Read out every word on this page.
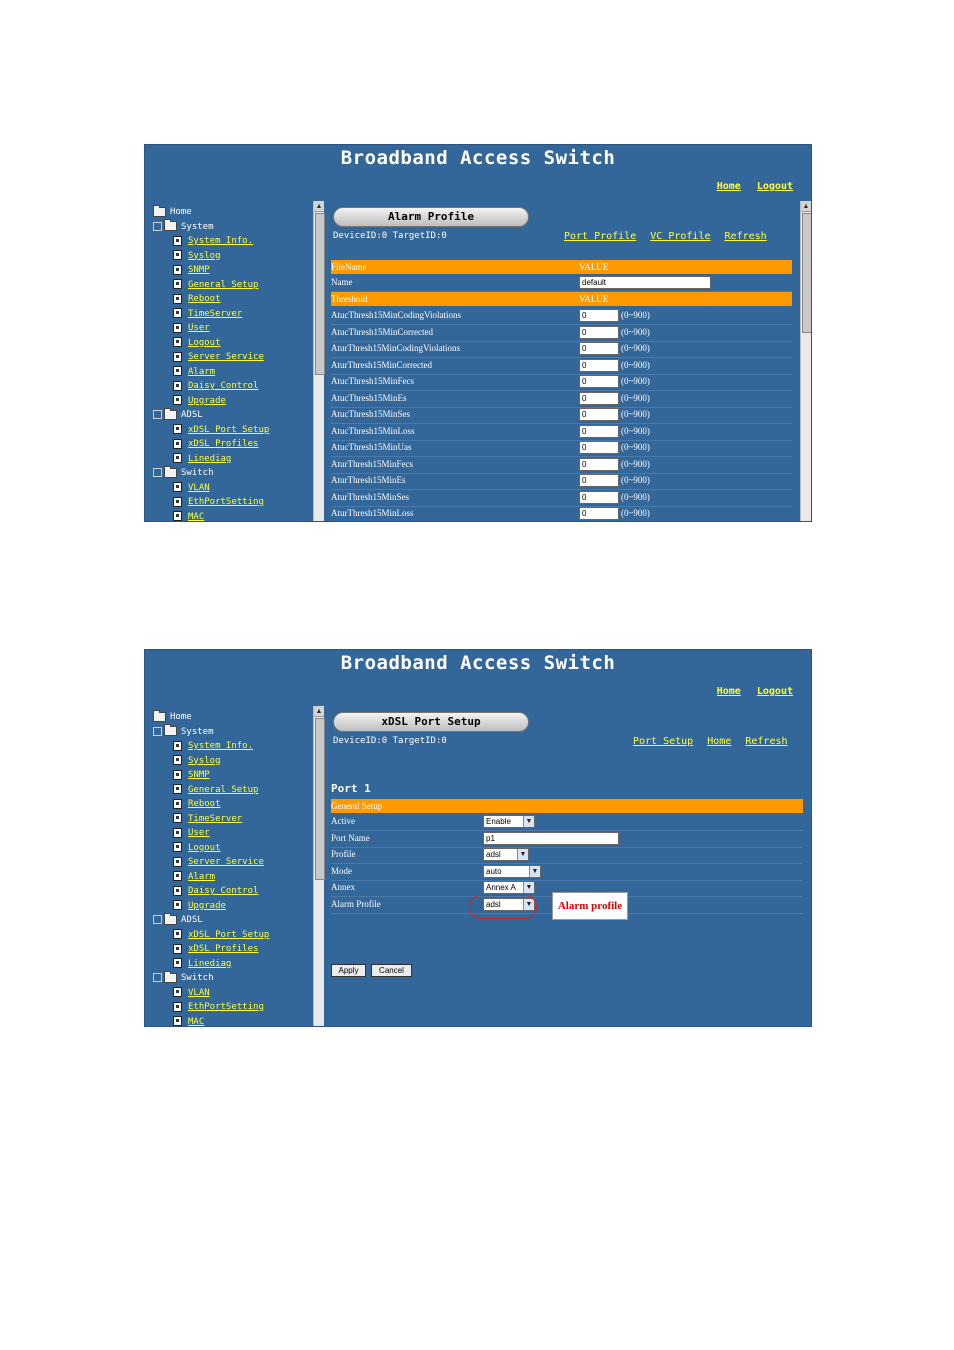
Broadband Access Switch
Home Logout
Home
System
System Info.
Syslog
SNMP
General Setup
Reboot
TimeServer
User
Logout
Server Service
Alarm
Daisy Control
Upgrade
ADSL
xDSL Port Setup
xDSL Profiles
Linediag
Switch
VLAN
EthPortSetting
MAC
▲
Alarm Profile
DeviceID:0 TargetID:0	Port Profile VC Profile Refresh
FileName	VALUE
Name	default
Threshold	VALUE
AtucThresh15MinCodingViolations	0	(0~900)
AtucThresh15MinCorrected	0	(0~900)
AturThresh15MinCodingViolations	0	(0~900)
AturThresh15MinCorrected	0	(0~900)
AtucThresh15MinFecs	0	(0~900)
AtucThresh15MinEs	0	(0~900)
AtucThresh15MinSes	0	(0~900)
AtucThresh15MinLoss	0	(0~900)
AtucThresh15MinUas	0	(0~900)
AturThresh15MinFecs	0	(0~900)
AturThresh15MinEs	0	(0~900)
AturThresh15MinSes	0	(0~900)
AturThresh15MinLoss	0	(0~900)
▲
Broadband Access Switch
Home Logout
Home
System
System Info.
Syslog
SNMP
General Setup
Reboot
TimeServer
User
Logout
Server Service
Alarm
Daisy Control
Upgrade
ADSL
xDSL Port Setup
xDSL Profiles
Linediag
Switch
VLAN
EthPortSetting
MAC
▲
xDSL Port Setup
DeviceID:0 TargetID:0	Port Setup Home Refresh
Port 1
General Setup
Active	Enable	▼
Port Name	p1
Profile	adsl	▼
Mode	auto	▼
Annex	Annex A	▼
Alarm Profile	adsl	▼
Apply	Cancel
Alarm profile
